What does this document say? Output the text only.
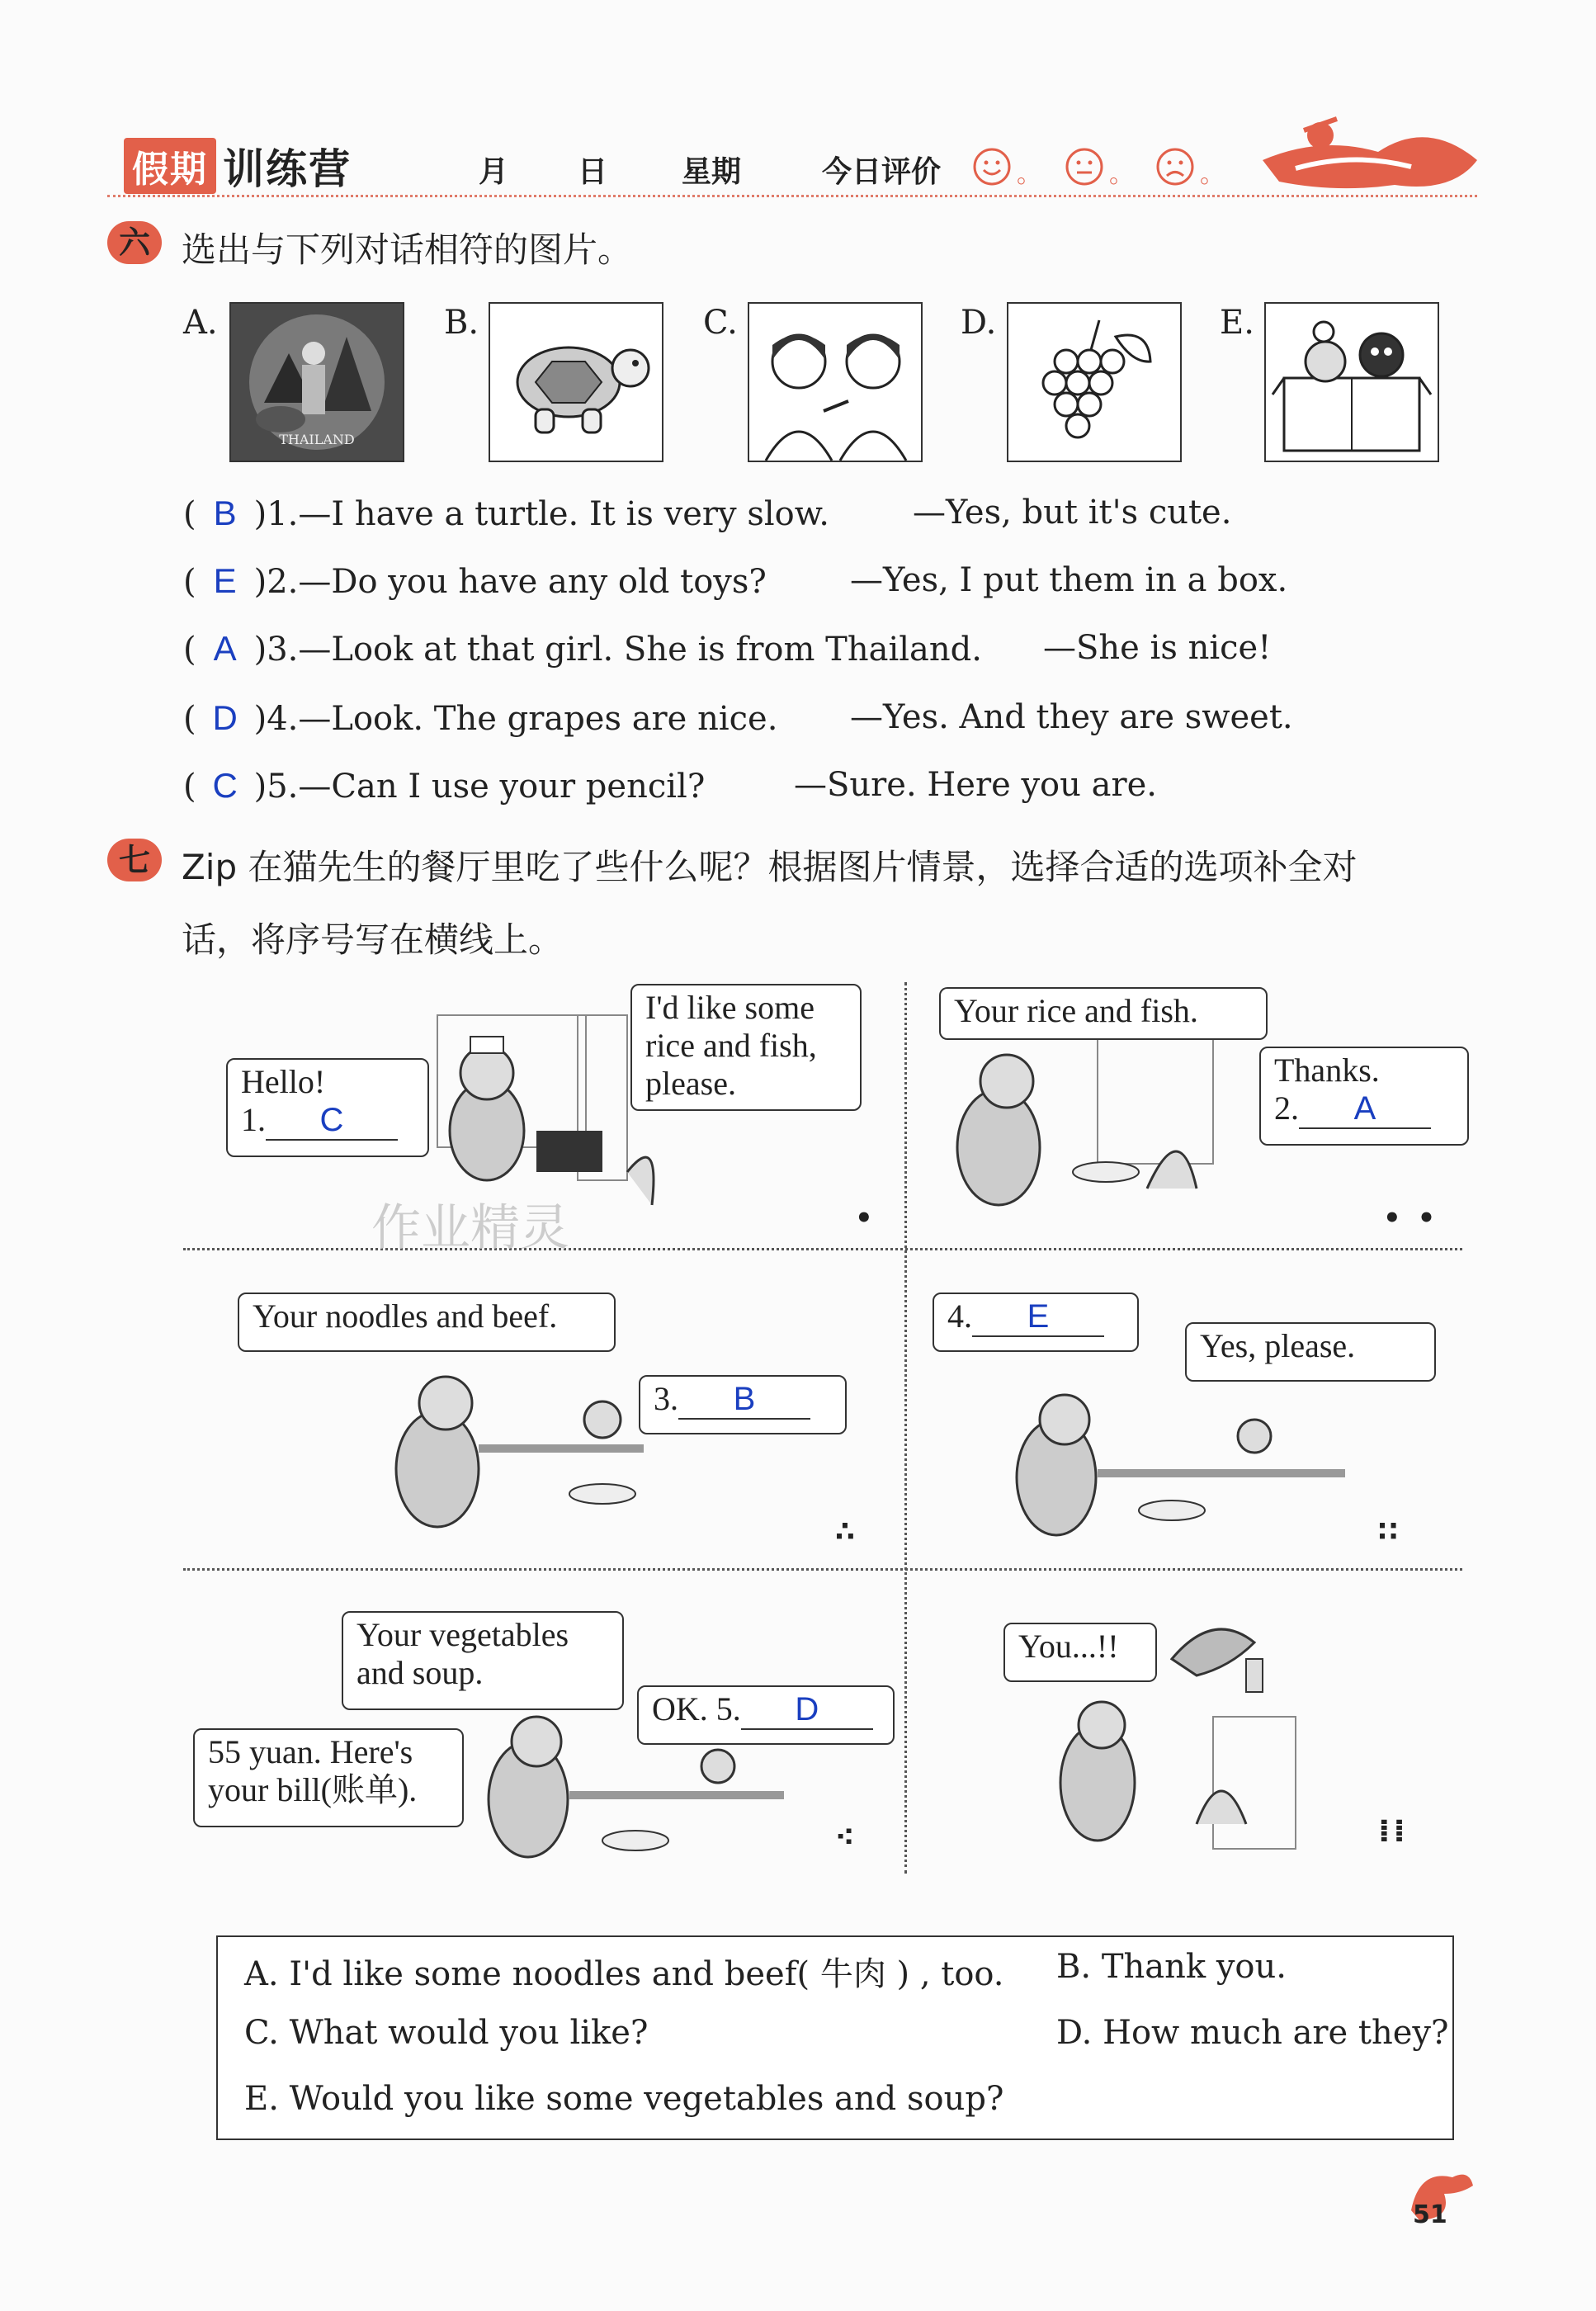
假期 训练营	月 日 星期	今日评价	。	。	。
六 选出与下列对话相符的图片。
A.
THAILAND
B.	C.	D.	E.
( B )1.—I have a turtle. It is very slow.	—Yes, but it's cute.
( E )2.—Do you have any old toys?	—Yes, I put them in a box.
( A )3.—Look at that girl. She is from Thailand. —She is nice!
( D )4.—Look. The grapes are nice. —Yes. And they are sweet.
( C )5.—Can I use your pencil?	—Sure. Here you are.
七 Zip 在猫先生的餐厅里吃了些什么呢？根据图片情景，选择合适的选项补全对
话，将序号写在横线上。
Hello!
1. C
I'd like some rice and fish, please.
•
作业精灵
Your rice and fish.
Thanks.
2. A
• •
Your noodles and beef.
3. B
∴
4. E
Yes, please.
∷
Your vegetables and soup.
55 yuan. Here's your bill(账单).
OK. 5. D
⁖
You...!!
⁞⁞
A. I'd like some noodles and beef( 牛肉 ) , too. B. Thank you.
C. What would you like?	D. How much are they?
E. Would you like some vegetables and soup?
51
